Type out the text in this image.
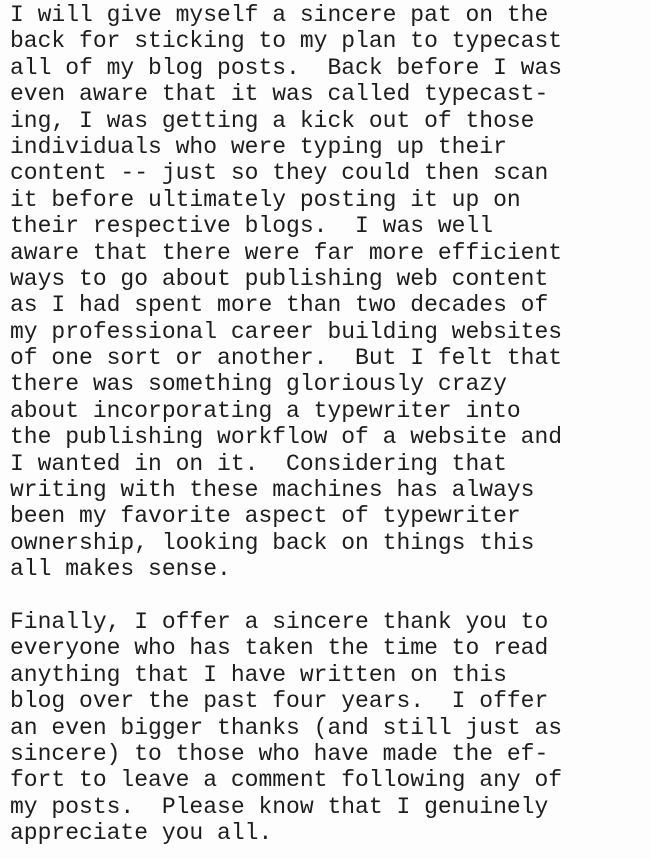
I will give myself a sincere pat on the
back for sticking to my plan to typecast
all of my blog posts.  Back before I was
even aware that it was called typecast-
ing, I was getting a kick out of those
individuals who were typing up their
content -- just so they could then scan
it before ultimately posting it up on
their respective blogs.  I was well
aware that there were far more efficient
ways to go about publishing web content
as I had spent more than two decades of
my professional career building websites
of one sort or another.  But I felt that
there was something gloriously crazy
about incorporating a typewriter into
the publishing workflow of a website and
I wanted in on it.  Considering that
writing with these machines has always
been my favorite aspect of typewriter
ownership, looking back on things this
all makes sense.
Finally, I offer a sincere thank you to
everyone who has taken the time to read
anything that I have written on this
blog over the past four years.  I offer
an even bigger thanks (and still just as
sincere) to those who have made the ef-
fort to leave a comment following any of
my posts.  Please know that I genuinely
appreciate you all.
